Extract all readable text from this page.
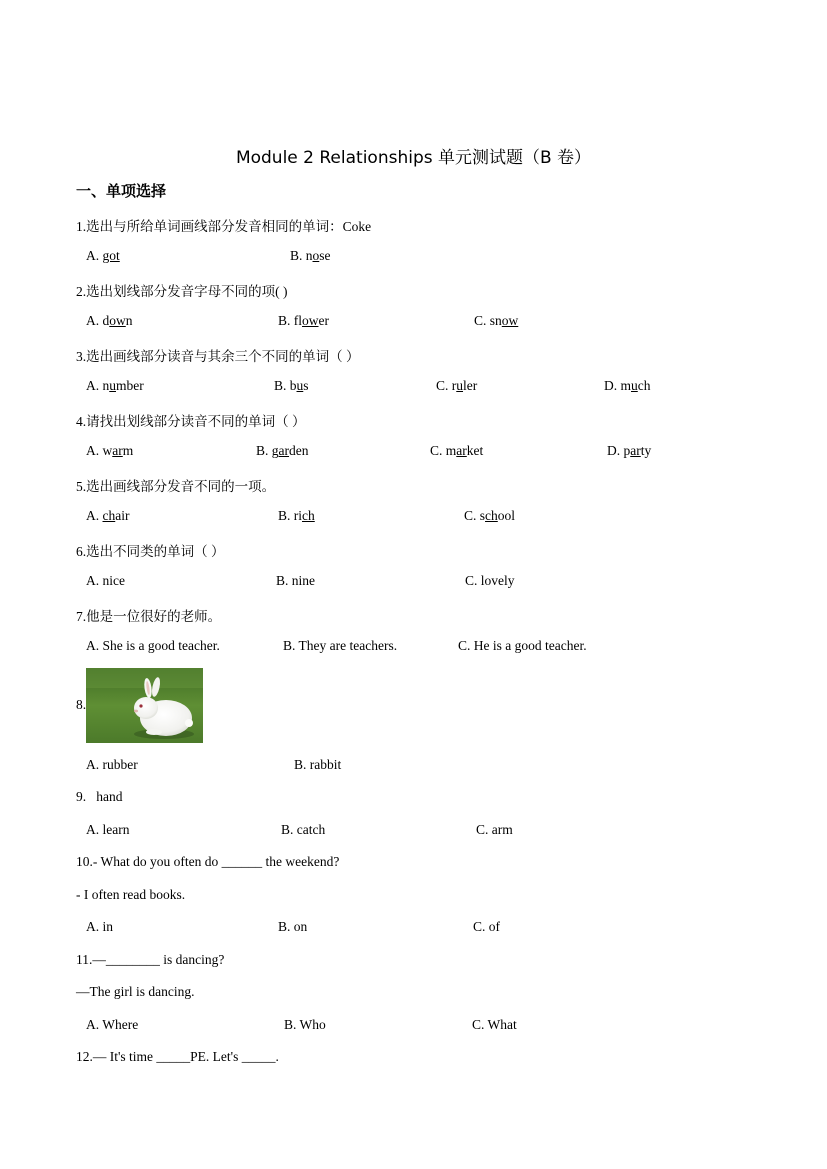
Module 2 Relationships 单元测试题（B 卷）
一、单项选择
1.选出与所给单词画线部分发音相同的单词：Coke
A. got	B. nose
2.选出划线部分发音字母不同的项( )
A. down	B. flower	C. snow
3.选出画线部分读音与其余三个不同的单词（ ）
A. number	B. bus	C. ruler	D. much
4.请找出划线部分读音不同的单词（ ）
A. warm	B. garden	C. market	D. party
5.选出画线部分发音不同的一项。
A. chair	B. rich	C. school
6.选出不同类的单词（ ）
A. nice	B. nine	C. lovely
7.他是一位很好的老师。
A. She is a good teacher.	B. They are teachers.	C. He is a good teacher.
8.
A. rubber	B. rabbit
9.   hand
A. learn	B. catch	C. arm
10.- What do you often do ______ the weekend?
- I often read books.
A. in	B. on	C. of
11.—________ is dancing?
—The girl is dancing.
A. Where	B. Who	C. What
12.— It's time _____PE. Let's _____.
